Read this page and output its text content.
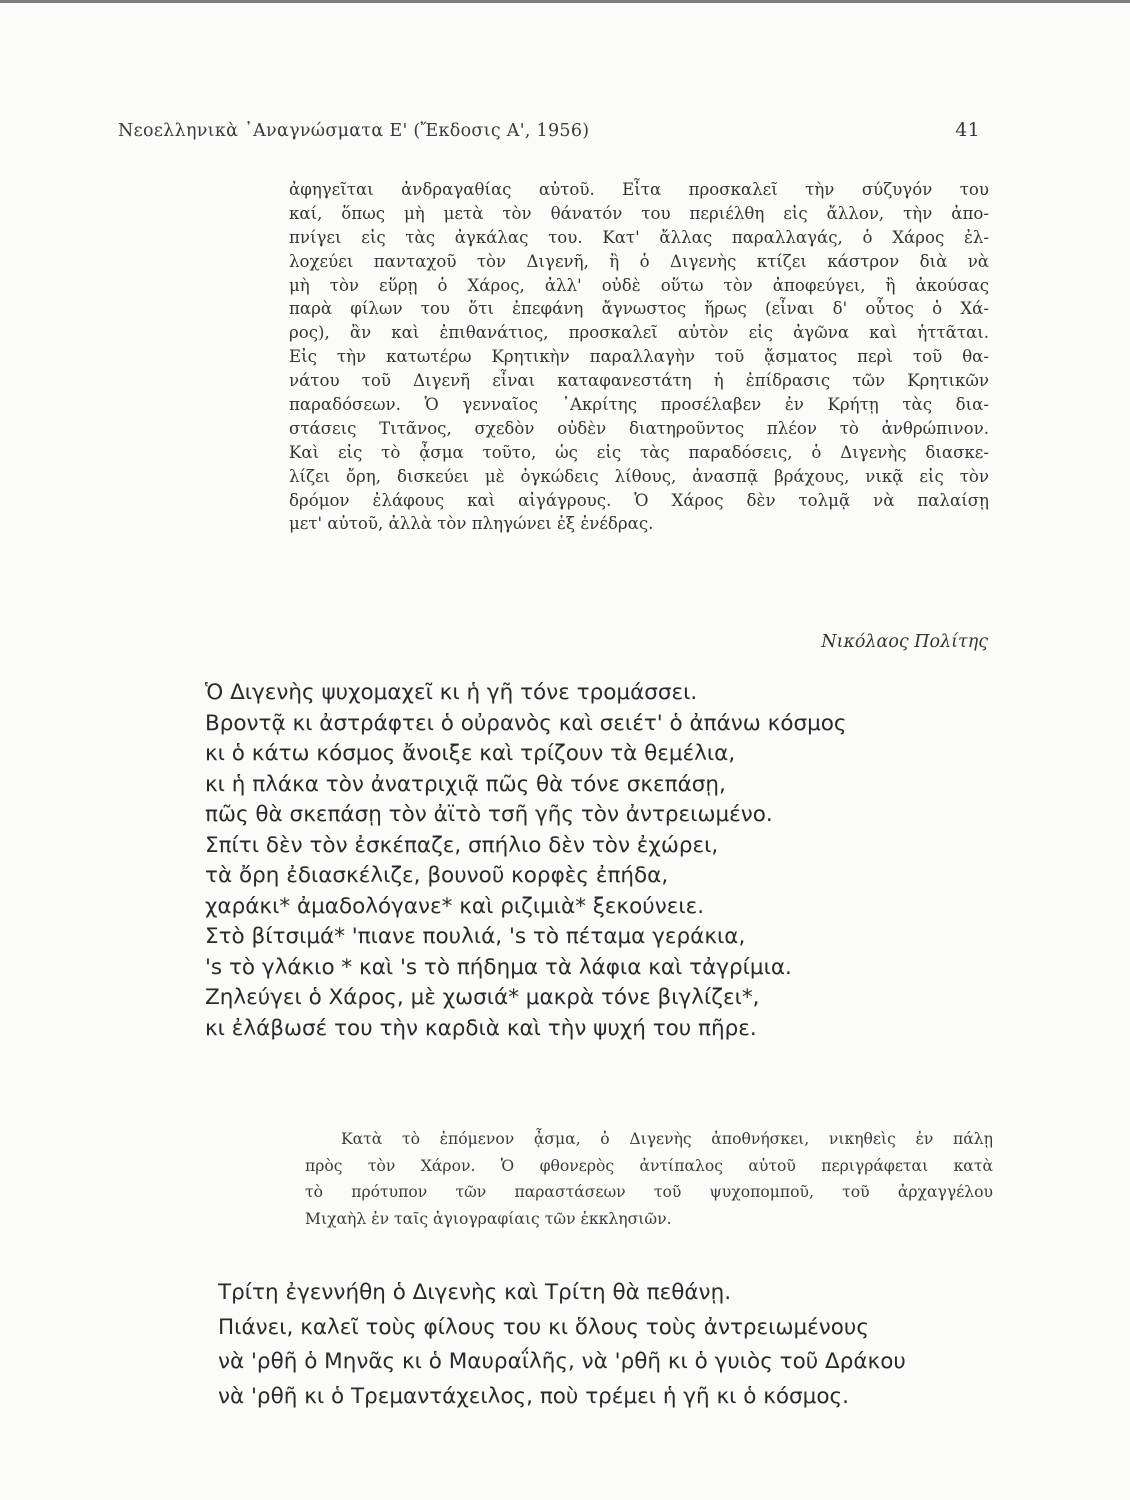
Νεοελληνικὰ ᾿Αναγνώσματα Ε' (Ἔκδοσις Α', 1956)	41
ἀφηγεῖται ἀνδραγαθίας αὐτοῦ. Εἶτα προσκαλεῖ τὴν σύζυγόν του
καί, ὅπως μὴ μετὰ τὸν θάνατόν του περιέλθη εἰς ἄλλον, τὴν ἀπο-
πνίγει εἰς τὰς ἀγκάλας του. Κατ' ἄλλας παραλλαγάς, ὁ Χάρος ἐλ-
λοχεύει πανταχοῦ τὸν Διγενῆ, ἢ ὁ Διγενὴς κτίζει κάστρον διὰ νὰ
μὴ τὸν εὕρῃ ὁ Χάρος, ἀλλ' οὐδὲ οὕτω τὸν ἀποφεύγει, ἢ ἀκούσας
παρὰ φίλων του ὅτι ἐπεφάνη ἄγνωστος ἥρως (εἶναι δ' οὗτος ὁ Χά-
ρος), ἂν καὶ ἐπιθανάτιος, προσκαλεῖ αὐτὸν εἰς ἀγῶνα καὶ ἡττᾶται.
Εἰς τὴν κατωτέρω Κρητικὴν παραλλαγὴν τοῦ ᾄσματος περὶ τοῦ θα-
νάτου τοῦ Διγενῆ εἶναι καταφανεστάτη ἡ ἐπίδρασις τῶν Κρητικῶν
παραδόσεων. Ὁ γενναῖος ᾿Ακρίτης προσέλαβεν ἐν Κρήτῃ τὰς δια-
στάσεις Τιτᾶνος, σχεδὸν οὐδὲν διατηροῦντος πλέον τὸ ἀνθρώπινον.
Καὶ εἰς τὸ ᾆσμα τοῦτο, ὡς εἰς τὰς παραδόσεις, ὁ Διγενὴς διασκε-
λίζει ὄρη, δισκεύει μὲ ὀγκώδεις λίθους, ἀνασπᾷ βράχους, νικᾷ εἰς τὸν
δρόμον ἐλάφους καὶ αἰγάγρους. Ὁ Χάρος δὲν τολμᾷ νὰ παλαίσῃ
μετ' αὐτοῦ, ἀλλὰ τὸν πληγώνει ἐξ ἐνέδρας.
Νικόλαος Πολίτης
Ὁ Διγενὴς ψυχομαχεῖ κι ἡ γῆ τόνε τρομάσσει.
Βροντᾷ κι ἀστράφτει ὁ οὐρανὸς καὶ σειέτ' ὁ ἀπάνω κόσμος
κι ὁ κάτω κόσμος ἄνοιξε καὶ τρίζουν τὰ θεμέλια,
κι ἡ πλάκα τὸν ἀνατριχιᾷ πῶς θὰ τόνε σκεπάσῃ,
πῶς θὰ σκεπάσῃ τὸν ἀϊτὸ τσῆ γῆς τὸν ἀντρειωμένο.
Σπίτι δὲν τὸν ἐσκέπαζε, σπήλιο δὲν τὸν ἐχώρει,
τὰ ὄρη ἐδιασκέλιζε, βουνοῦ κορφὲς ἐπήδα,
χαράκι* ἀμαδολόγανε* καὶ ριζιμιὰ* ξεκούνειε.
Στὸ βίτσιμά* 'πιανε πουλιά, 's τὸ πέταμα γεράκια,
's τὸ γλάκιο * καὶ 's τὸ πήδημα τὰ λάφια καὶ τἀγρίμια.
Ζηλεύγει ὁ Χάρος, μὲ χωσιά* μακρὰ τόνε βιγλίζει*,
κι ἐλάβωσέ του τὴν καρδιὰ καὶ τὴν ψυχή του πῆρε.
Κατὰ τὸ ἑπόμενον ᾆσμα, ὁ Διγενὴς ἀποθνήσκει, νικηθεὶς ἐν πάλῃ
πρὸς τὸν Χάρον. Ὁ φθονερὸς ἀντίπαλος αὐτοῦ περιγράφεται κατὰ
τὸ πρότυπον τῶν παραστάσεων τοῦ ψυχοπομποῦ, τοῦ ἀρχαγγέλου
Μιχαὴλ ἐν ταῖς ἁγιογραφίαις τῶν ἐκκλησιῶν.
Τρίτη ἐγεννήθη ὁ Διγενὴς καὶ Τρίτη θὰ πεθάνῃ.
Πιάνει, καλεῖ τοὺς φίλους του κι ὅλους τοὺς ἀντρειωμένους
νὰ 'ρθῆ ὁ Μηνᾶς κι ὁ Μαυραΐλῆς, νὰ 'ρθῆ κι ὁ γυιὸς τοῦ Δράκου
νὰ 'ρθῆ κι ὁ Τρεμαντάχειλος, ποὺ τρέμει ἡ γῆ κι ὁ κόσμος.
